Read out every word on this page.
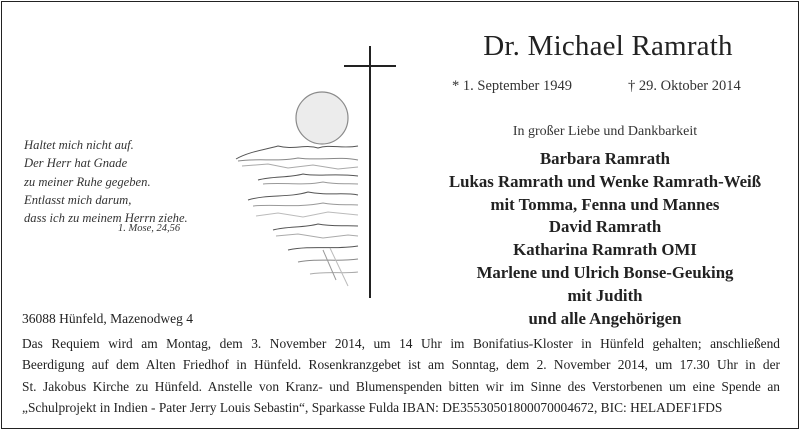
Dr. Michael Ramrath
* 1. September 1949	† 29. Oktober 2014
Haltet mich nicht auf.
Der Herr hat Gnade
zu meiner Ruhe gegeben.
Entlasst mich darum,
dass ich zu meinem Herrn ziehe.
1. Mose, 24,56
In großer Liebe und Dankbarkeit
Barbara Ramrath
Lukas Ramrath und Wenke Ramrath-Weiß
mit Tomma, Fenna und Mannes
David Ramrath
Katharina Ramrath OMI
Marlene und Ulrich Bonse-Geuking
mit Judith
und alle Angehörigen
36088 Hünfeld, Mazenodweg 4
Das Requiem wird am Montag, dem 3. November 2014, um 14 Uhr im Bonifatius-Kloster in Hünfeld gehalten; anschließend
Beerdigung auf dem Alten Friedhof in Hünfeld. Rosenkranzgebet ist am Sonntag, dem 2. November 2014, um 17.30 Uhr in der
St. Jakobus Kirche zu Hünfeld. Anstelle von Kranz- und Blumenspenden bitten wir im Sinne des Verstorbenen um eine Spende an
„Schulprojekt in Indien - Pater Jerry Louis Sebastin“, Sparkasse Fulda IBAN: DE35530501800070004672, BIC: HELADEF1FDS
